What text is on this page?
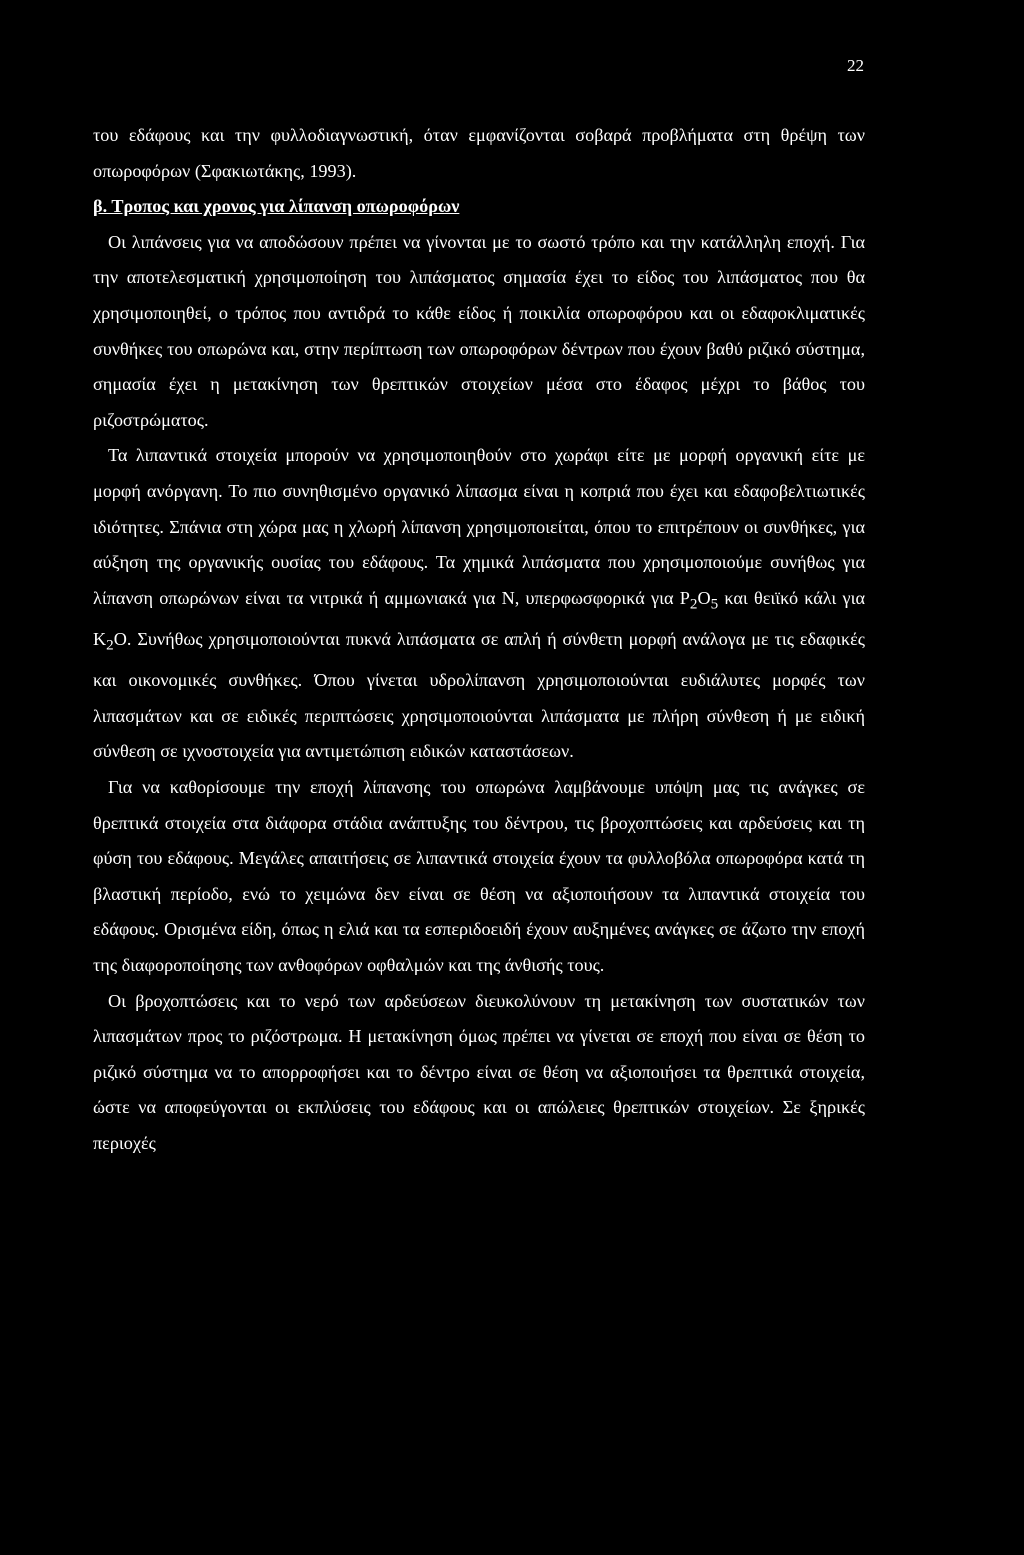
22

του εδάφους και την φυλλοδιαγνωστική, όταν εμφανίζονται σοβαρά προβλήματα στη θρέψη των οπωροφόρων (Σφακιωτάκης, 1993).

β. Τροπος και χρονος για λίπανση οπωροφόρων

Οι λιπάνσεις για να αποδώσουν πρέπει να γίνονται με το σωστό τρόπο και την κατάλληλη εποχή. Για την αποτελεσματική χρησιμοποίηση του λιπάσματος σημασία έχει το είδος του λιπάσματος που θα χρησιμοποιηθεί, ο τρόπος που αντιδρά το κάθε είδος ή ποικιλία οπωροφόρου και οι εδαφοκλιματικές συνθήκες του οπωρώνα και, στην περίπτωση των οπωροφόρων δέντρων που έχουν βαθύ ριζικό σύστημα, σημασία έχει η μετακίνηση των θρεπτικών στοιχείων μέσα στο έδαφος μέχρι το βάθος του ριζοστρώματος.

Τα λιπαντικά στοιχεία μπορούν να χρησιμοποιηθούν στο χωράφι είτε με μορφή οργανική είτε με μορφή ανόργανη. Το πιο συνηθισμένο οργανικό λίπασμα είναι η κοπριά που έχει και εδαφοβελτιωτικές ιδιότητες. Σπάνια στη χώρα μας η χλωρή λίπανση χρησιμοποιείται, όπου το επιτρέπουν οι συνθήκες, για αύξηση της οργανικής ουσίας του εδάφους. Τα χημικά λιπάσματα που χρησιμοποιούμε συνήθως για λίπανση οπωρώνων είναι τα νιτρικά ή αμμωνιακά για Ν, υπερφωσφορικά για $P_2O_5$ και θειϊκό κάλι για $K_2O$. Συνήθως χρησιμοποιούνται πυκνά λιπάσματα σε απλή ή σύνθετη μορφή ανάλογα με τις εδαφικές και οικονομικές συνθήκες. Όπου γίνεται υδρολίπανση χρησιμοποιούνται ευδιάλυτες μορφές των λιπασμάτων και σε ειδικές περιπτώσεις χρησιμοποιούνται λιπάσματα με πλήρη σύνθεση ή με ειδική σύνθεση σε ιχνοστοιχεία για αντιμετώπιση ειδικών καταστάσεων.

Για να καθορίσουμε την εποχή λίπανσης του οπωρώνα λαμβάνουμε υπόψη μας τις ανάγκες σε θρεπτικά στοιχεία στα διάφορα στάδια ανάπτυξης του δέντρου, τις βροχοπτώσεις και αρδεύσεις και τη φύση του εδάφους. Μεγάλες απαιτήσεις σε λιπαντικά στοιχεία έχουν τα φυλλοβόλα οπωροφόρα κατά τη βλαστική περίοδο, ενώ το χειμώνα δεν είναι σε θέση να αξιοποιήσουν τα λιπαντικά στοιχεία του εδάφους. Ορισμένα είδη, όπως η ελιά και τα εσπεριδοειδή έχουν αυξημένες ανάγκες σε άζωτο την εποχή της διαφοροποίησης των ανθοφόρων οφθαλμών και της άνθισής τους.

Οι βροχοπτώσεις και το νερό των αρδεύσεων διευκολύνουν τη μετακίνηση των συστατικών των λιπασμάτων προς το ριζόστρωμα. Η μετακίνηση όμως πρέπει να γίνεται σε εποχή που είναι σε θέση το ριζικό σύστημα να το απορροφήσει και το δέντρο είναι σε θέση να αξιοποιήσει τα θρεπτικά στοιχεία, ώστε να αποφεύγονται οι εκπλύσεις του εδάφους και οι απώλειες θρεπτικών στοιχείων. Σε ξηρικές περιοχές
